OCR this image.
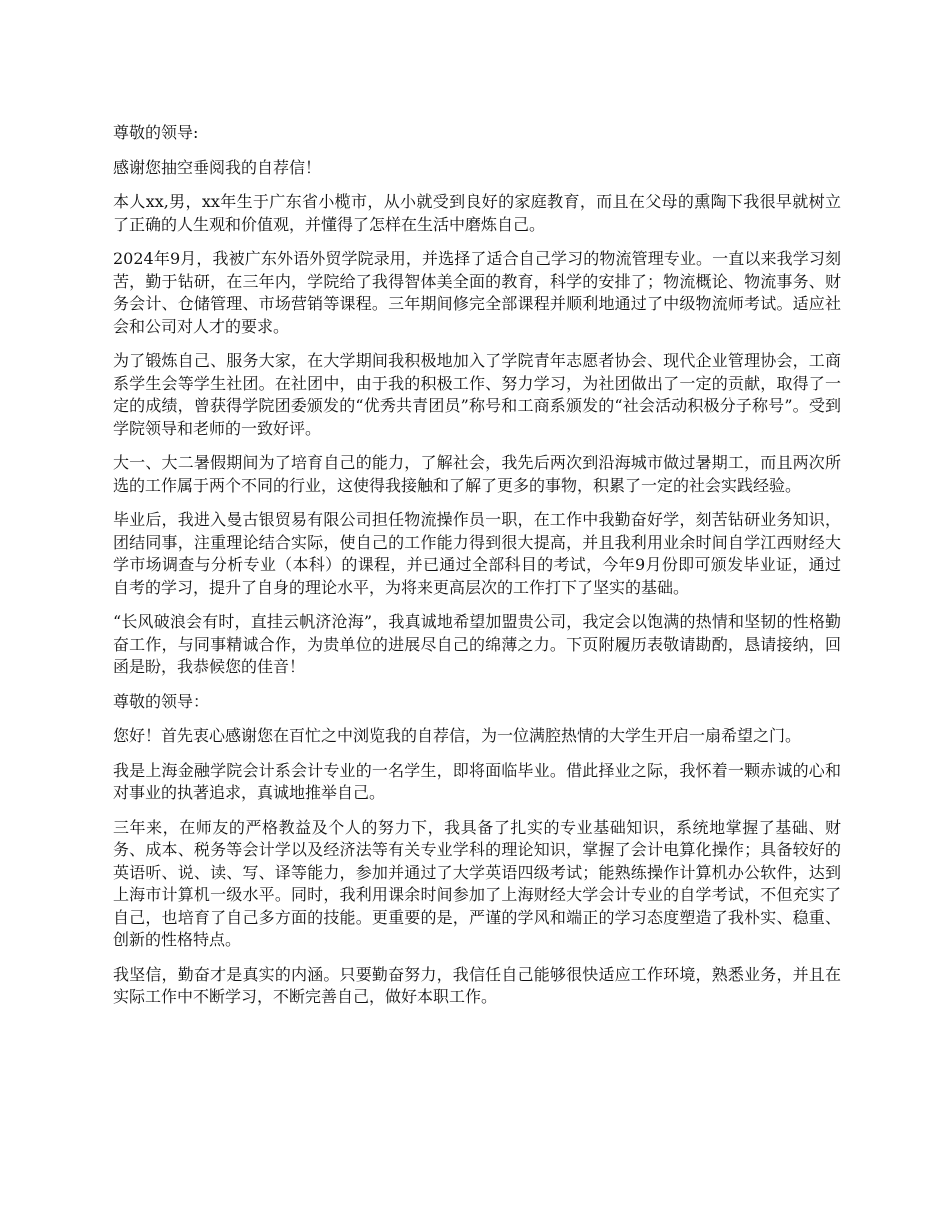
尊敬的领导:

感谢您抽空垂阅我的自荐信！

本人xx,男，xx年生于广东省小榄市，从小就受到良好的家庭教育，而且在父母的熏陶下我很早就树立了正确的人生观和价值观，并懂得了怎样在生活中磨炼自己。

2024年9月，我被广东外语外贸学院录用，并选择了适合自己学习的物流管理专业。一直以来我学习刻苦，勤于钻研，在三年内，学院给了我得智体美全面的教育，科学的安排了；物流概论、物流事务、财务会计、仓储管理、市场营销等课程。三年期间修完全部课程并顺利地通过了中级物流师考试。适应社会和公司对人才的要求。

为了锻炼自己、服务大家，在大学期间我积极地加入了学院青年志愿者协会、现代企业管理协会，工商系学生会等学生社团。在社团中，由于我的积极工作、努力学习，为社团做出了一定的贡献，取得了一定的成绩，曾获得学院团委颁发的“优秀共青团员”称号和工商系颁发的“社会活动积极分子称号”。受到学院领导和老师的一致好评。

大一、大二暑假期间为了培育自己的能力，了解社会，我先后两次到沿海城市做过暑期工，而且两次所选的工作属于两个不同的行业，这使得我接触和了解了更多的事物，积累了一定的社会实践经验。

毕业后，我进入曼古银贸易有限公司担任物流操作员一职，在工作中我勤奋好学，刻苦钻研业务知识，团结同事，注重理论结合实际，使自己的工作能力得到很大提高，并且我利用业余时间自学江西财经大学市场调查与分析专业（本科）的课程，并已通过全部科目的考试，今年9月份即可颁发毕业证，通过自考的学习，提升了自身的理论水平，为将来更高层次的工作打下了坚实的基础。

“长风破浪会有时，直挂云帆济沧海”，我真诚地希望加盟贵公司，我定会以饱满的热情和坚韧的性格勤奋工作，与同事精诚合作，为贵单位的进展尽自己的绵薄之力。下页附履历表敬请勘酌，恳请接纳，回函是盼，我恭候您的佳音！

尊敬的领导：

您好！首先衷心感谢您在百忙之中浏览我的自荐信，为一位满腔热情的大学生开启一扇希望之门。

我是上海金融学院会计系会计专业的一名学生，即将面临毕业。借此择业之际，我怀着一颗赤诚的心和对事业的执著追求，真诚地推举自己。

三年来，在师友的严格教益及个人的努力下，我具备了扎实的专业基础知识，系统地掌握了基础、财务、成本、税务等会计学以及经济法等有关专业学科的理论知识，掌握了会计电算化操作；具备较好的英语听、说、读、写、译等能力，参加并通过了大学英语四级考试；能熟练操作计算机办公软件，达到上海市计算机一级水平。同时，我利用课余时间参加了上海财经大学会计专业的自学考试，不但充实了自己，也培育了自己多方面的技能。更重要的是，严谨的学风和端正的学习态度塑造了我朴实、稳重、创新的性格特点。

我坚信，勤奋才是真实的内涵。只要勤奋努力，我信任自己能够很快适应工作环境，熟悉业务，并且在实际工作中不断学习，不断完善自己，做好本职工作。
